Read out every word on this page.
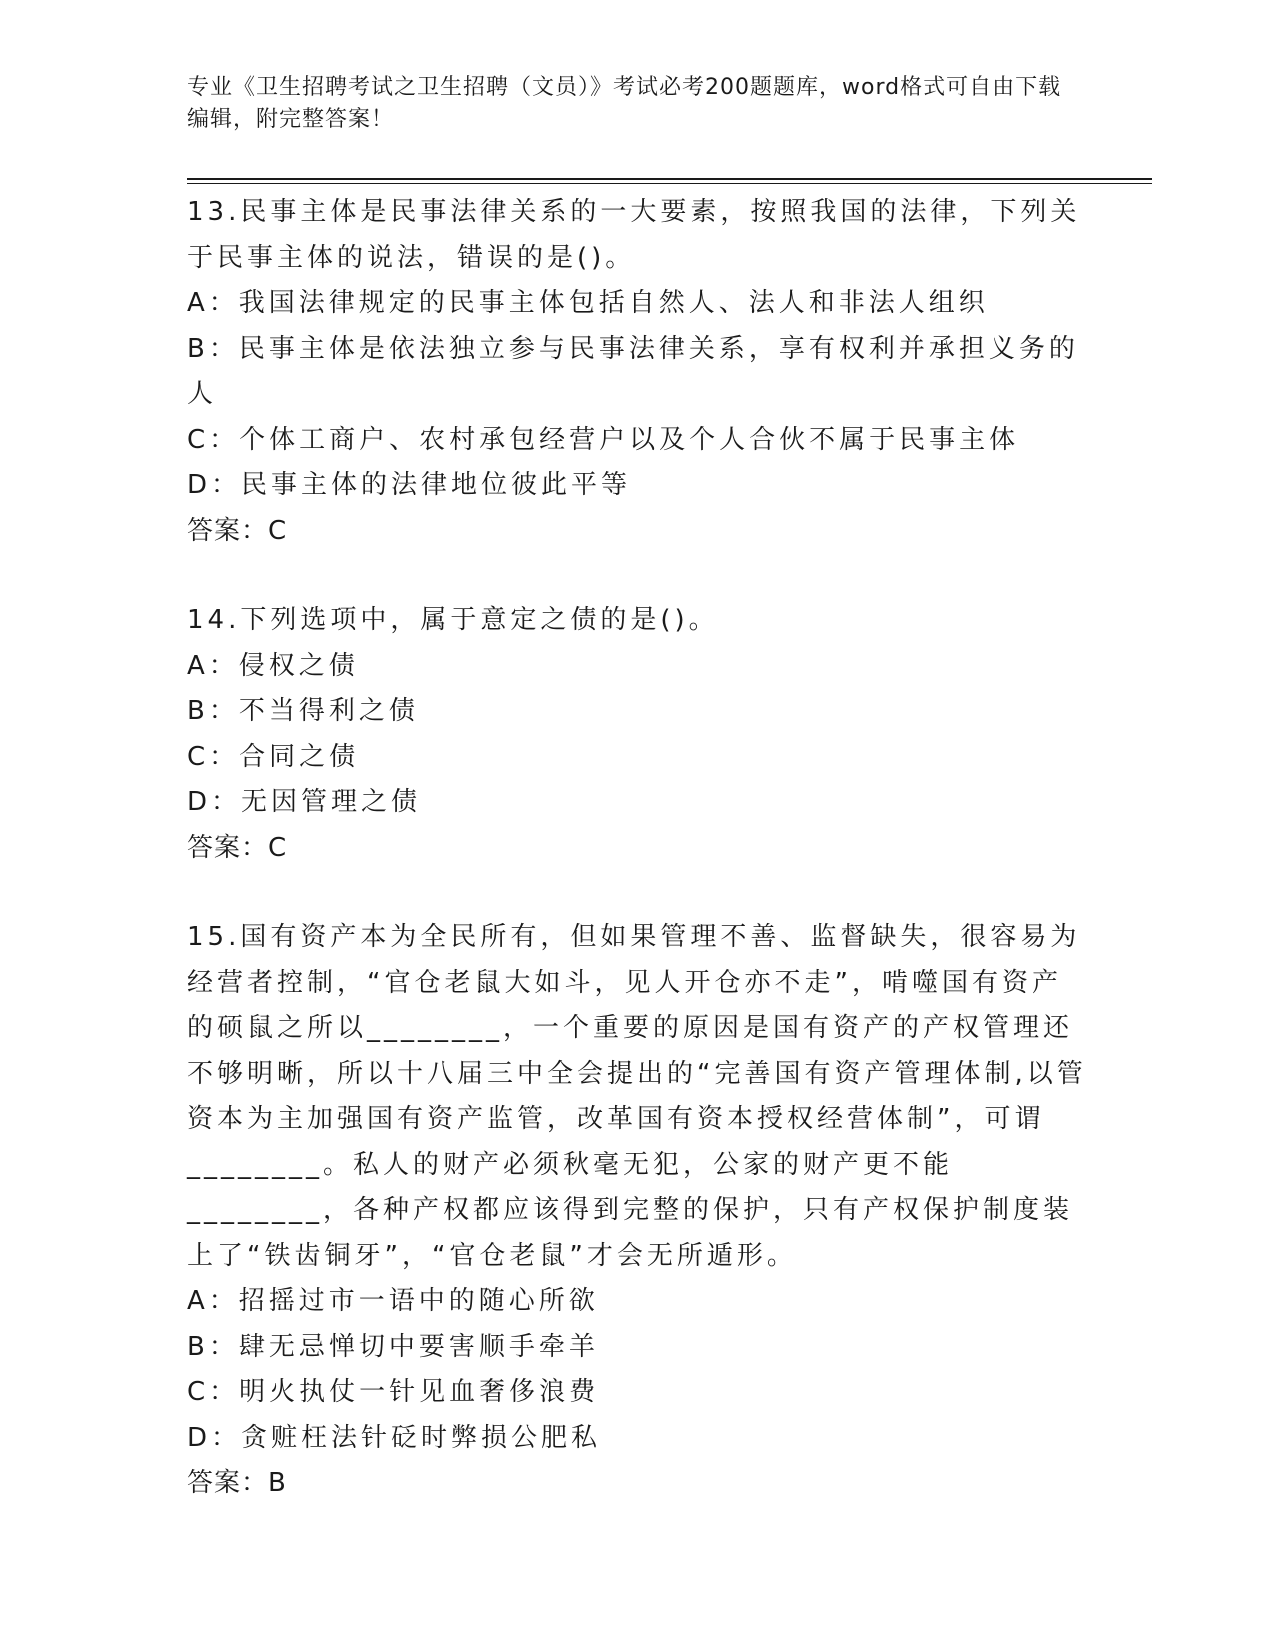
专业《卫生招聘考试之卫生招聘（文员）》考试必考200题题库，word格式可自由下载编辑，附完整答案！

13.民事主体是民事法律关系的一大要素，按照我国的法律，下列关于民事主体的说法，错误的是()。

A：我国法律规定的民事主体包括自然人、法人和非法人组织

B：民事主体是依法独立参与民事法律关系，享有权利并承担义务的人

C：个体工商户、农村承包经营户以及个人合伙不属于民事主体

D：民事主体的法律地位彼此平等

答案：C

14.下列选项中，属于意定之债的是()。

A：侵权之债

B：不当得利之债

C：合同之债

D：无因管理之债

答案：C

15.国有资产本为全民所有，但如果管理不善、监督缺失，很容易为经营者控制，“官仓老鼠大如斗，见人开仓亦不走”，啃噬国有资产的硕鼠之所以________，一个重要的原因是国有资产的产权管理还不够明晰，所以十八届三中全会提出的“完善国有资产管理体制,以管资本为主加强国有资产监管，改革国有资本授权经营体制”，可谓________。私人的财产必须秋毫无犯，公家的财产更不能________，各种产权都应该得到完整的保护，只有产权保护制度装上了“铁齿铜牙”，“官仓老鼠”才会无所遁形。

A：招摇过市一语中的随心所欲

B：肆无忌惮切中要害顺手牵羊

C：明火执仗一针见血奢侈浪费

D：贪赃枉法针砭时弊损公肥私

答案：B
